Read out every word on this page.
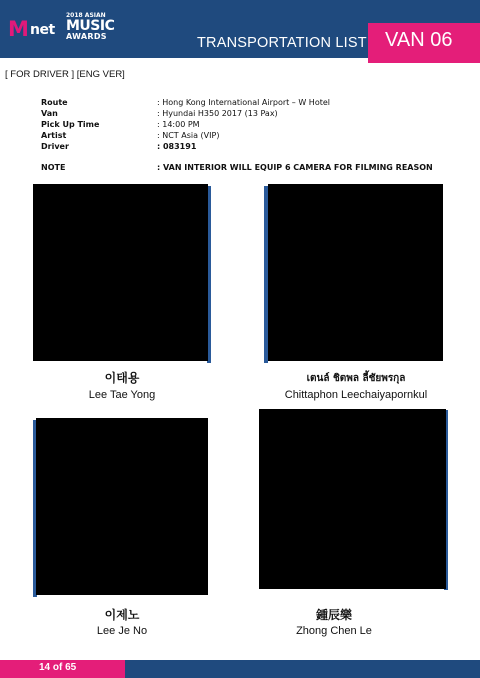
M net
2018 ASIAN
MUSIC
AWARDS	TRANSPORTATION LIST VAN 06
[ FOR DRIVER ] [ENG VER]
Route	: Hong Kong International Airport – W Hotel
Van	: Hyundai H350 2017 (13 Pax)
Pick Up Time	: 14:00 PM
Artist	: NCT Asia (VIP)
Driver	: 083191
NOTE	: VAN INTERIOR WILL EQUIP 6 CAMERA FOR FILMING REASON
이태용
Lee Tae Yong
เตนล์ ชิตพล ลี้ชัยพรกุล
Chittaphon Leechaiyapornkul
이제노
Lee Je No
鍾辰樂
Zhong Chen Le
14 of 65
